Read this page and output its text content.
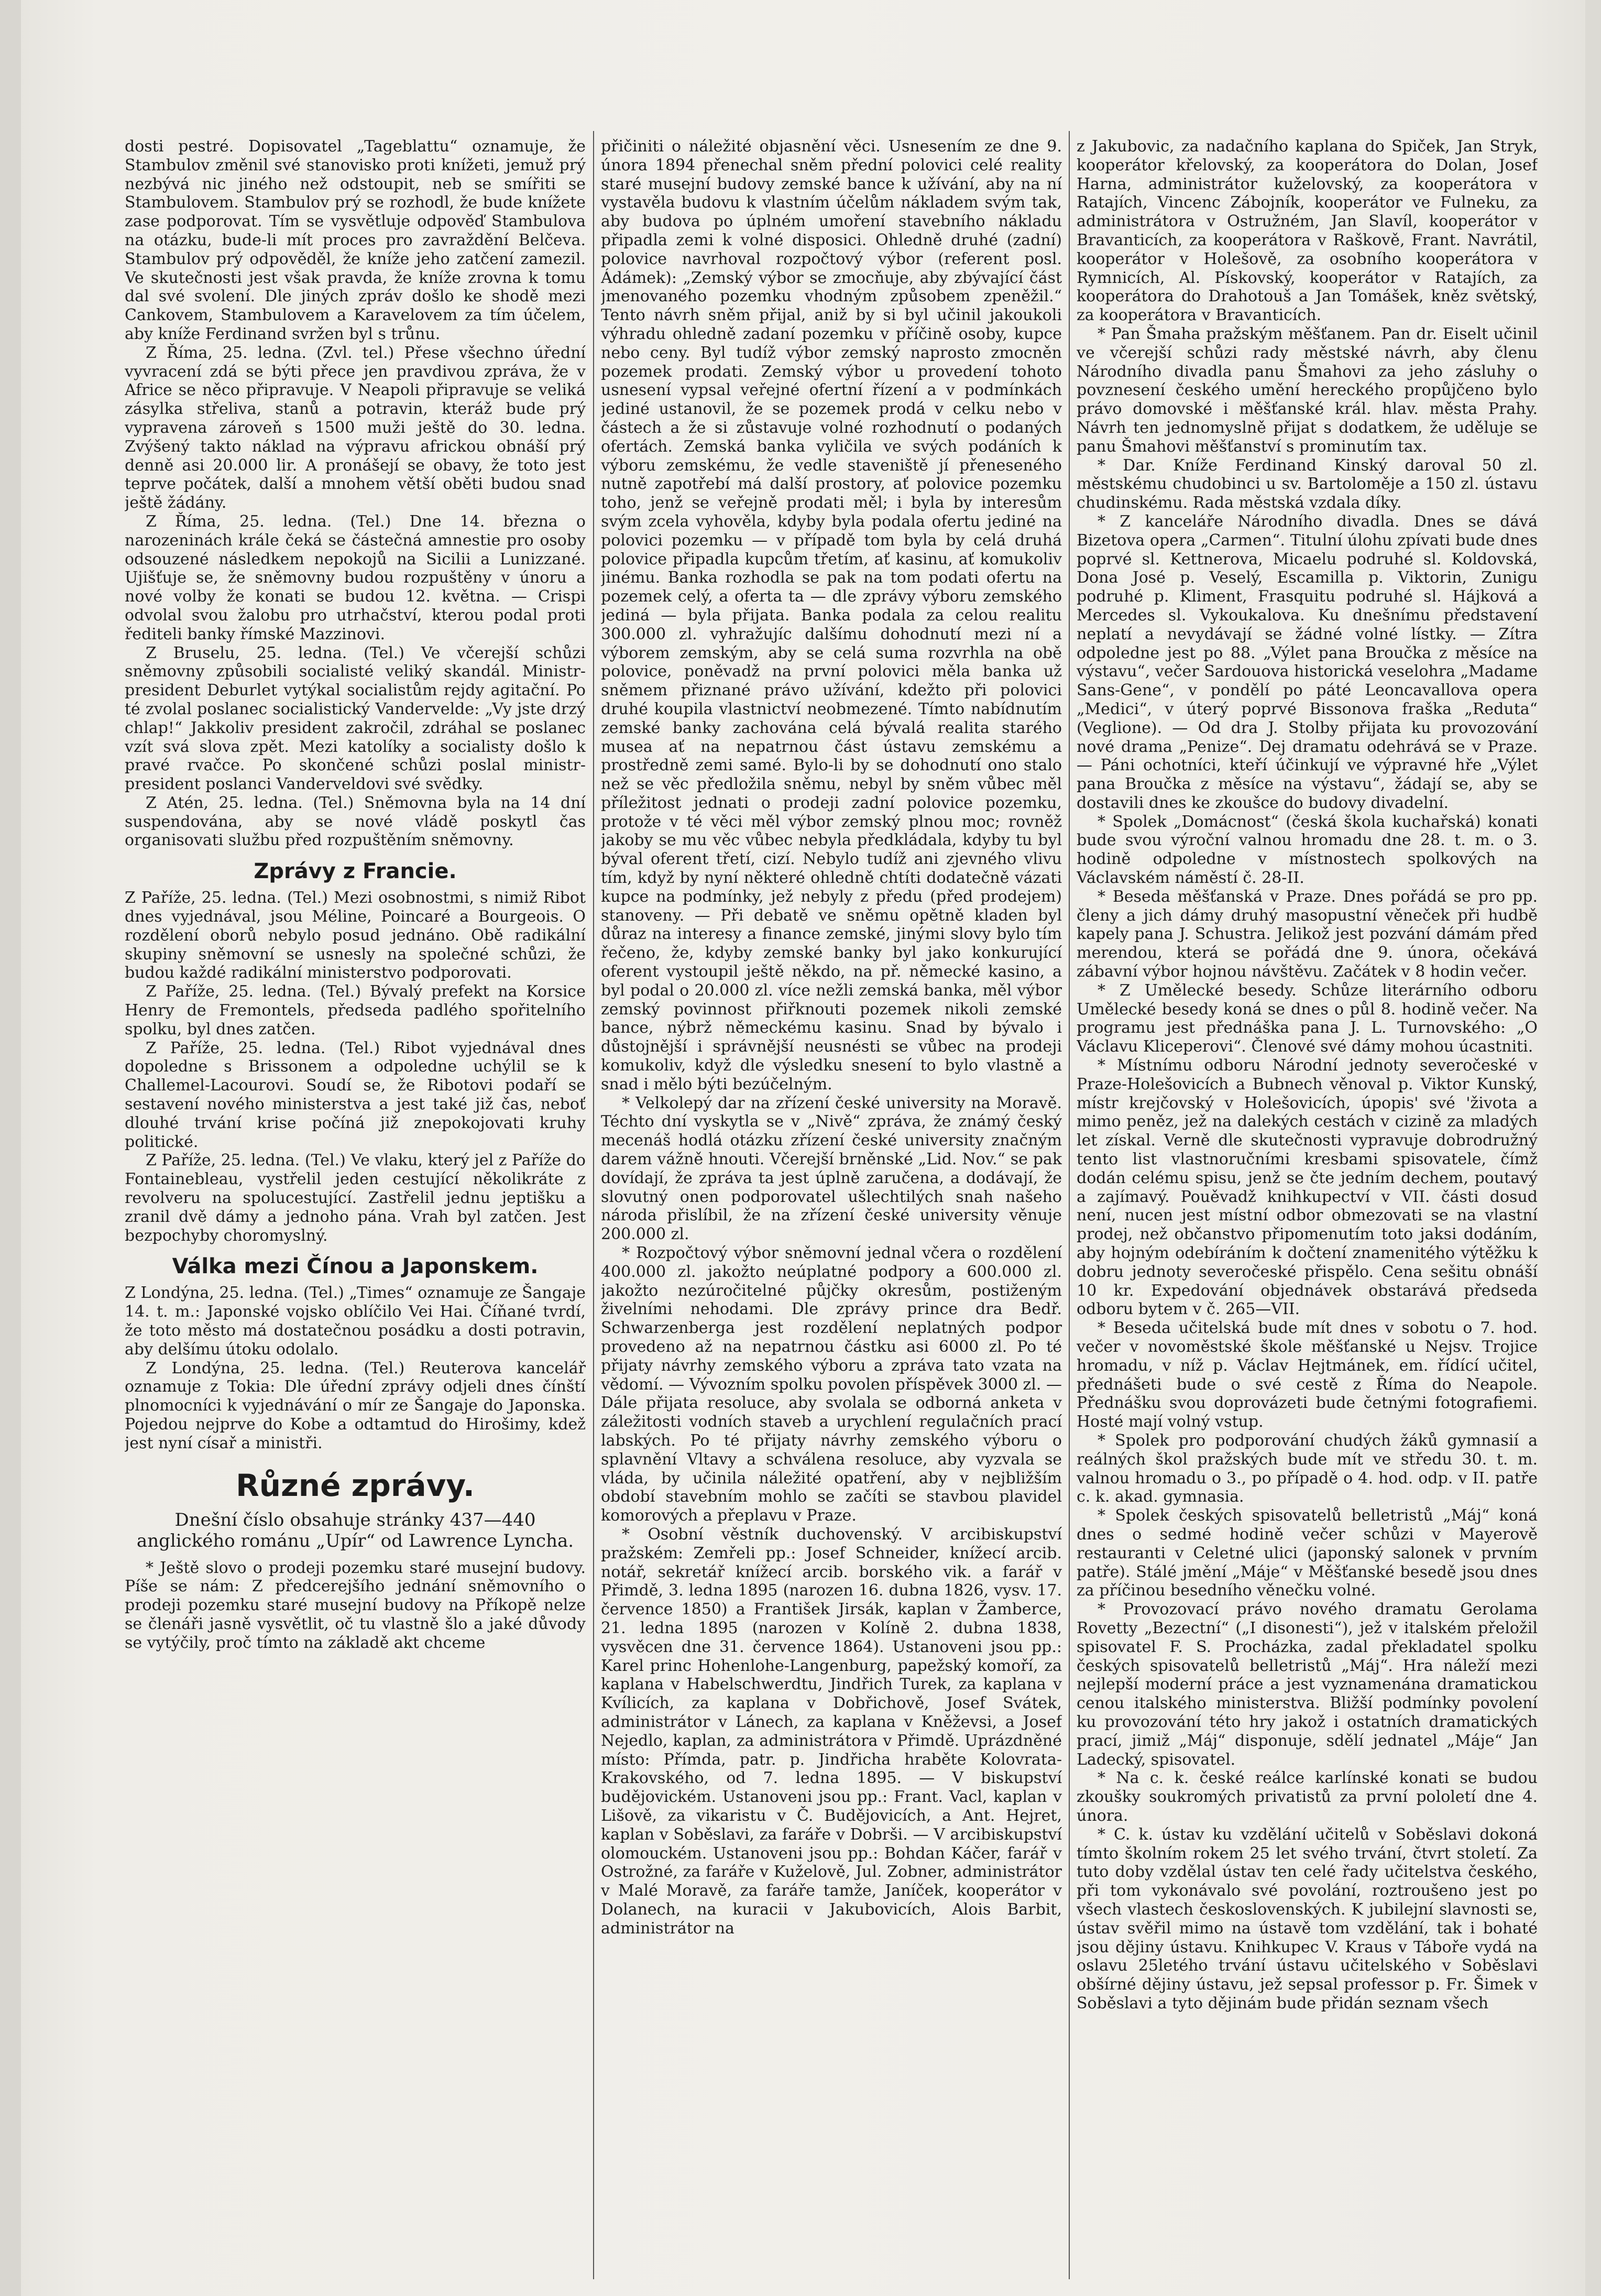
dosti pestré. Dopisovatel „Tageblattu“ oznamuje, že Stambulov změnil své stanovisko proti knížeti, jemuž prý nezbývá nic jiného než odstoupit, neb se smířiti se Stambulovem. Stambulov prý se rozhodl, že bude knížete zase podporovat. Tím se vysvětluje odpověď Stambulova na otázku, bude-li mít proces pro zavraždění Belčeva. Stambulov prý odpověděl, že kníže jeho zatčení zamezil. Ve skutečnosti jest však pravda, že kníže zrovna k tomu dal své svolení. Dle jiných zpráv došlo ke shodě mezi Cankovem, Stambulovem a Karavelovem za tím účelem, aby kníže Ferdinand svržen byl s trůnu.

Z Říma, 25. ledna. (Zvl. tel.) Přese všechno úřední vyvracení zdá se býti přece jen pravdivou zpráva, že v Africe se něco připravuje. V Neapoli připravuje se veliká zásylka střeliva, stanů a potravin, kteráž bude prý vypravena zároveň s 1500 muži ještě do 30. ledna. Zvýšený takto náklad na výpravu africkou obnáší prý denně asi 20.000 lir. A pronášejí se obavy, že toto jest teprve počátek, další a mnohem větší oběti budou snad ještě žádány.

Z Říma, 25. ledna. (Tel.) Dne 14. března o narozeninách krále čeká se částečná amnestie pro osoby odsouzené následkem nepokojů na Sicilii a Lunizzané. Ujišťuje se, že sněmovny budou rozpuštěny v únoru a nové volby že konati se budou 12. května. — Crispi odvolal svou žalobu pro utrhačství, kterou podal proti řediteli banky římské Mazzinovi.

Z Bruselu, 25. ledna. (Tel.) Ve včerejší schůzi sněmovny způsobili socialisté veliký skandál. Ministr-president Deburlet vytýkal socialistům rejdy agitační. Po té zvolal poslanec socialistický Vandervelde: „Vy jste drzý chlap!“ Jakkoliv president zakročil, zdráhal se poslanec vzít svá slova zpět. Mezi katolíky a socialisty došlo k pravé rvačce. Po skončené schůzi poslal ministr-president poslanci Vanderveldovi své svědky.

Z Atén, 25. ledna. (Tel.) Sněmovna byla na 14 dní suspendována, aby se nové vládě poskytl čas organisovati službu před rozpuštěním sněmovny.

Zprávy z Francie.

Z Paříže, 25. ledna. (Tel.) Mezi osobnostmi, s nimiž Ribot dnes vyjednával, jsou Méline, Poincaré a Bourgeois. O rozdělení oborů nebylo posud jednáno. Obě radikální skupiny sněmovní se usnesly na společné schůzi, že budou každé radikální ministerstvo podporovati.

Z Paříže, 25. ledna. (Tel.) Bývalý prefekt na Korsice Henry de Fremontels, předseda padlého spořitelního spolku, byl dnes zatčen.

Z Paříže, 25. ledna. (Tel.) Ribot vyjednával dnes dopoledne s Brissonem a odpoledne uchýlil se k Challemel-Lacourovi. Soudí se, že Ribotovi podaří se sestavení nového ministerstva a jest také již čas, neboť dlouhé trvání krise počíná již znepokojovati kruhy politické.

Z Paříže, 25. ledna. (Tel.) Ve vlaku, který jel z Paříže do Fontainebleau, vystřelil jeden cestující několikráte z revolveru na spolucestující. Zastřelil jednu jeptišku a zranil dvě dámy a jednoho pána. Vrah byl zatčen. Jest bezpochyby choromyslný.

Válka mezi Čínou a Japonskem.

Z Londýna, 25. ledna. (Tel.) „Times“ oznamuje ze Šangaje 14. t. m.: Japonské vojsko oblíčilo Vei Hai. Číňané tvrdí, že toto město má dostatečnou posádku a dosti potravin, aby delšímu útoku odolalo.

Z Londýna, 25. ledna. (Tel.) Reuterova kancelář oznamuje z Tokia: Dle úřední zprávy odjeli dnes čínští plnomocníci k vyjednávání o mír ze Šangaje do Japonska. Pojedou nejprve do Kobe a odtamtud do Hirošimy, kdež jest nyní císař a ministři.

Různé zprávy.

Dnešní číslo obsahuje stránky 437—440 anglického románu „Upír“ od Lawrence Lyncha.

* Ještě slovo o prodeji pozemku staré musejní budovy. Píše se nám: Z předcerejšího jednání sněmovního o prodeji pozemku staré musejní budovy na Příkopě nelze se členáři jasně vysvětlit, oč tu vlastně šlo a jaké důvody se vytýčily, proč tímto na základě akt chceme

přičiniti o náležité objasnění věci. Usnesením ze dne 9. února 1894 přenechal sněm přední polovici celé reality staré musejní budovy zemské bance k užívání, aby na ní vystavěla budovu k vlastním účelům nákladem svým tak, aby budova po úplném umoření stavebního nákladu připadla zemi k volné disposici. Ohledně druhé (zadní) polovice navrhoval rozpočtový výbor (referent posl. Ádámek): „Zemský výbor se zmocňuje, aby zbývající část jmenovaného pozemku vhodným způsobem zpeněžil.“ Tento návrh sněm přijal, aniž by si byl učinil jakoukoli výhradu ohledně zadaní pozemku v příčině osoby, kupce nebo ceny. Byl tudíž výbor zemský naprosto zmocněn pozemek prodati. Zemský výbor u provedení tohoto usnesení vypsal veřejné ofertní řízení a v podmínkách jediné ustanovil, že se pozemek prodá v celku nebo v částech a že si zůstavuje volné rozhodnutí o podaných ofertách. Zemská banka vyličila ve svých podáních k výboru zemskému, že vedle staveniště jí přeneseného nutně zapotřebí má další prostory, ať polovice pozemku toho, jenž se veřejně prodati měl; i byla by interesům svým zcela vyhověla, kdyby byla podala ofertu jediné na polovici pozemku — v případě tom byla by celá druhá polovice připadla kupcům třetím, ať kasinu, ať komukoliv jinému. Banka rozhodla se pak na tom podati ofertu na pozemek celý, a oferta ta — dle zprávy výboru zemského jediná — byla přijata. Banka podala za celou realitu 300.000 zl. vyhražujíc dalšímu dohodnutí mezi ní a výborem zemským, aby se celá suma rozvrhla na obě polovice, poněvadž na první polovici měla banka už sněmem přiznané právo užívání, kdežto při polovici druhé koupila vlastnictví neobmezené. Tímto nabídnutím zemské banky zachována celá bývalá realita starého musea ať na nepatrnou část ústavu zemskému a prostředně zemi samé. Bylo-li by se dohodnutí ono stalo než se věc předložila sněmu, nebyl by sněm vůbec měl příležitost jednati o prodeji zadní polovice pozemku, protože v té věci měl výbor zemský plnou moc; rovněž jakoby se mu věc vůbec nebyla předkládala, kdyby tu byl býval oferent třetí, cizí. Nebylo tudíž ani zjevného vlivu tím, když by nyní některé ohledně chtíti dodatečně vázati kupce na podmínky, jež nebyly z předu (před prodejem) stanoveny. — Při debatě ve sněmu opětně kladen byl důraz na interesy a finance zemské, jinými slovy bylo tím řečeno, že, kdyby zemské banky byl jako konkurující oferent vystoupil ještě někdo, na př. německé kasino, a byl podal o 20.000 zl. více nežli zemská banka, měl výbor zemský povinnost přiřknouti pozemek nikoli zemské bance, nýbrž německému kasinu. Snad by bývalo i důstojnější i správnější neusnésti se vůbec na prodeji komukoliv, když dle výsledku snesení to bylo vlastně a snad i mělo býti bezúčelným.

* Velkolepý dar na zřízení české university na Moravě. Téchto dní vyskytla se v „Nivě“ zpráva, že známý český mecenáš hodlá otázku zřízení české university značným darem vážně hnouti. Včerejší brněnské „Lid. Nov.“ se pak dovídají, že zpráva ta jest úplně zaručena, a dodávají, že slovutný onen podporovatel ušlechtilých snah našeho národa přislíbil, že na zřízení české university věnuje 200.000 zl.

* Rozpočtový výbor sněmovní jednal včera o rozdělení 400.000 zl. jakožto neúplatné podpory a 600.000 zl. jakožto nezúročitelné půjčky okresům, postiženým živelními nehodami. Dle zprávy prince dra Bedř. Schwarzenberga jest rozdělení neplatných podpor provedeno až na nepatrnou částku asi 6000 zl. Po té přijaty návrhy zemského výboru a zpráva tato vzata na vědomí. — Vývozním spolku povolen příspěvek 3000 zl. — Dále přijata resoluce, aby svolala se odborná anketa v záležitosti vodních staveb a urychlení regulačních prací labských. Po té přijaty návrhy zemského výboru o splavnění Vltavy a schválena resoluce, aby vyzvala se vláda, by učinila náležité opatření, aby v nejbližším období stavebním mohlo se začíti se stavbou plavidel komorových a přeplavu v Praze.

* Osobní věstník duchovenský. V arcibiskupství pražském: Zemřeli pp.: Josef Schneider, knížecí arcib. notář, sekretář knížecí arcib. borského vik. a farář v Přimdě, 3. ledna 1895 (narozen 16. dubna 1826, vysv. 17. července 1850) a František Jirsák, kaplan v Žamberce, 21. ledna 1895 (narozen v Kolíně 2. dubna 1838, vysvěcen dne 31. července 1864). Ustanoveni jsou pp.: Karel princ Hohenlohe-Langenburg, papežský komoří, za kaplana v Habelschwerdtu, Jindřich Turek, za kaplana v Kvílicích, za kaplana v Dobřichově, Josef Svátek, administrátor v Lánech, za kaplana v Kněževsi, a Josef Nejedlo, kaplan, za administrátora v Přimdě. Uprázdněné místo: Přímda, patr. p. Jindřicha hraběte Kolovrata-Krakovského, od 7. ledna 1895. — V biskupství budějovickém. Ustanoveni jsou pp.: Frant. Vacl, kaplan v Lišově, za vikaristu v Č. Budějovicích, a Ant. Hejret, kaplan v Soběslavi, za faráře v Dobrši. — V arcibiskupství olomouckém. Ustanoveni jsou pp.: Bohdan Káčer, farář v Ostrožné, za faráře v Kuželově, Jul. Zobner, administrátor v Malé Moravě, za faráře tamže, Janíček, kooperátor v Dolanech, na kuracii v Jakubovicích, Alois Barbit, administrátor na

z Jakubovic, za nadačního kaplana do Spiček, Jan Stryk, kooperátor křelovský, za kooperátora do Dolan, Josef Harna, administrátor kuželovský, za kooperátora v Ratajích, Vincenc Zábojník, kooperátor ve Fulneku, za administrátora v Ostružném, Jan Slavíl, kooperátor v Bravanticích, za kooperátora v Raškově, Frant. Navrátil, kooperátor v Holešově, za osobního kooperátora v Rymnicích, Al. Pískovský, kooperátor v Ratajích, za kooperátora do Drahotouš a Jan Tomášek, kněz světský, za kooperátora v Bravanticích.

* Pan Šmaha pražským měšťanem. Pan dr. Eiselt učinil ve včerejší schůzi rady městské návrh, aby členu Národního divadla panu Šmahovi za jeho zásluhy o povznesení českého umění hereckého propůjčeno bylo právo domovské i měšťanské král. hlav. města Prahy. Návrh ten jednomyslně přijat s dodatkem, že uděluje se panu Šmahovi měšťanství s prominutím tax.

* Dar. Kníže Ferdinand Kinský daroval 50 zl. městskému chudobinci u sv. Bartoloměje a 150 zl. ústavu chudinskému. Rada městská vzdala díky.

* Z kanceláře Národního divadla. Dnes se dává Bizetova opera „Carmen“. Titulní úlohu zpívati bude dnes poprvé sl. Kettnerova, Micaelu podruhé sl. Koldovská, Dona José p. Veselý, Escamilla p. Viktorin, Zunigu podruhé p. Kliment, Frasquitu podruhé sl. Hájková a Mercedes sl. Vykoukalova. Ku dnešnímu představení neplatí a nevydávají se žádné volné lístky. — Zítra odpoledne jest po 88. „Výlet pana Broučka z měsíce na výstavu“, večer Sardouova historická veselohra „Madame Sans-Gene“, v pondělí po páté Leoncavallova opera „Medici“, v úterý poprvé Bissonova fraška „Reduta“ (Veglione). — Od dra J. Stolby přijata ku provozování nové drama „Penize“. Dej dramatu odehrává se v Praze. — Páni ochotníci, kteří účinkují ve výpravné hře „Výlet pana Broučka z měsíce na výstavu“, žádají se, aby se dostavili dnes ke zkoušce do budovy divadelní.

* Spolek „Domácnost“ (česká škola kuchařská) konati bude svou výroční valnou hromadu dne 28. t. m. o 3. hodině odpoledne v místnostech spolkových na Václavském náměstí č. 28-II.

* Beseda měšťanská v Praze. Dnes pořádá se pro pp. členy a jich dámy druhý masopustní věneček při hudbě kapely pana J. Schustra. Jelikož jest pozvání dámám před merendou, která se pořádá dne 9. února, očekává zábavní výbor hojnou návštěvu. Začátek v 8 hodin večer.

* Z Umělecké besedy. Schůze literárního odboru Umělecké besedy koná se dnes o půl 8. hodině večer. Na programu jest přednáška pana J. L. Turnovského: „O Václavu Kliceperovi“. Členové své dámy mohou úcastniti.

* Místnímu odboru Národní jednoty severočeské v Praze-Holešovicích a Bubnech věnoval p. Viktor Kunský, místr krejčovský v Holešovicích, úpopis' své 'života a mimo peněz, jež na dalekých cestách v cizině za mladých let získal. Verně dle skutečnosti vypravuje dobrodružný tento list vlastnoručními kresbami spisovatele, čímž dodán celému spisu, jenž se čte jedním dechem, poutavý a zajímavý. Pouěvadž knihkupectví v VII. části dosud není, nucen jest místní odbor obmezovati se na vlastní prodej, než občanstvo připomenutím toto jaksi dodáním, aby hojným odebíráním k dočtení znamenitého výtěžku k dobru jednoty severočeské přispělo. Cena sešitu obnáší 10 kr. Expedování objednávek obstarává předseda odboru bytem v č. 265—VII.

* Beseda učitelská bude mít dnes v sobotu o 7. hod. večer v novoměstské škole měšťanské u Nejsv. Trojice hromadu, v níž p. Václav Hejtmánek, em. řídící učitel, přednášeti bude o své cestě z Říma do Neapole. Přednášku svou doprovázeti bude četnými fotografiemi. Hosté mají volný vstup.

* Spolek pro podporování chudých žáků gymnasií a reálných škol pražských bude mít ve středu 30. t. m. valnou hromadu o 3., po případě o 4. hod. odp. v II. patře c. k. akad. gymnasia.

* Spolek českých spisovatelů belletristů „Máj“ koná dnes o sedmé hodině večer schůzi v Mayerově restauranti v Celetné ulici (japonský salonek v prvním patře). Stálé jmění „Máje“ v Měšťanské besedě jsou dnes za příčinou besedního věnečku volné.

* Provozovací právo nového dramatu Gerolama Rovetty „Bezectní“ („I disonesti“), jež v italském přeložil spisovatel F. S. Procházka, zadal překladatel spolku českých spisovatelů belletristů „Máj“. Hra náleží mezi nejlepší moderní práce a jest vyznamenána dramatickou cenou italského ministerstva. Bližší podmínky povolení ku provozování této hry jakož i ostatních dramatických prací, jimiž „Máj“ disponuje, sdělí jednatel „Máje“ Jan Ladecký, spisovatel.

* Na c. k. české reálce karlínské konati se budou zkoušky soukromých privatistů za první pololetí dne 4. února.

* C. k. ústav ku vzdělání učitelů v Soběslavi dokoná tímto školním rokem 25 let svého trvání, čtvrt století. Za tuto doby vzdělal ústav ten celé řady učitelstva českého, při tom vykonávalo své povolání, roztroušeno jest po všech vlastech československých. K jubilejní slavnosti se, ústav svěřil mimo na ústavě tom vzdělání, tak i bohaté jsou dějiny ústavu. Knihkupec V. Kraus v Táboře vydá na oslavu 25letého trvání ústavu učitelského v Soběslavi obšírné dějiny ústavu, jež sepsal professor p. Fr. Šimek v Soběslavi a tyto dějinám bude přidán seznam všech
